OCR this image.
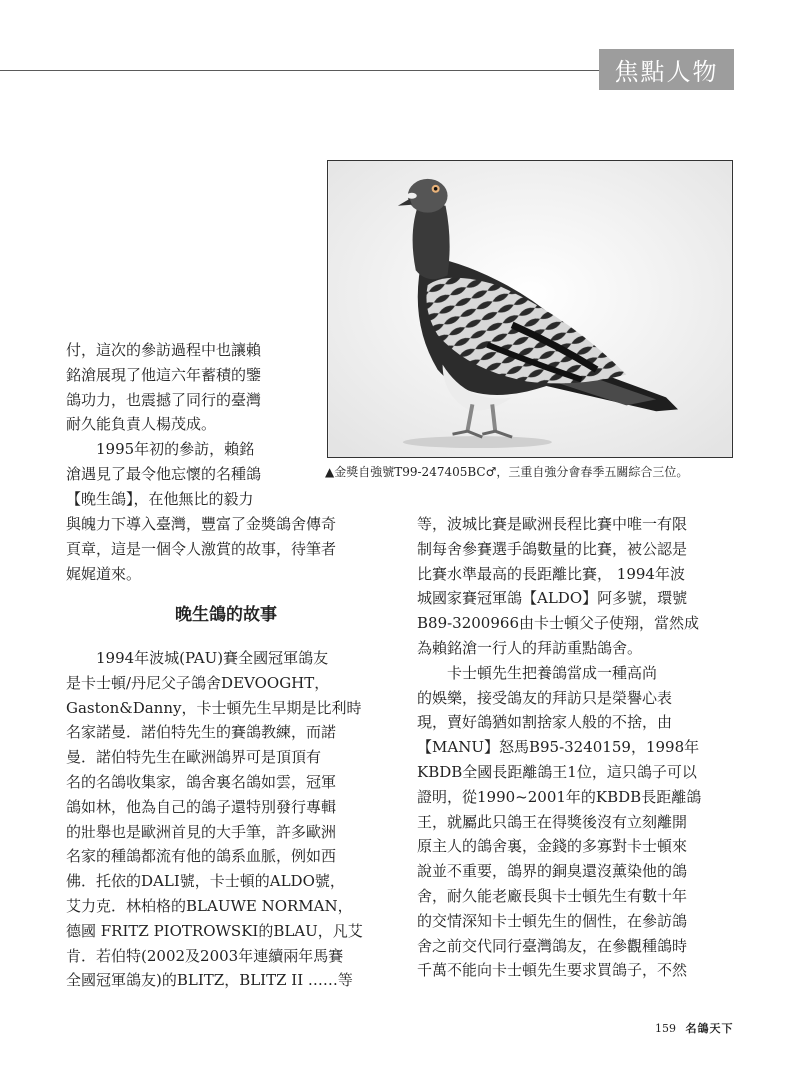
焦點人物
▲金獎自強號T99-247405BC♂，三重自強分會春季五關綜合三位。
付，這次的參訪過程中也讓賴
銘滄展現了他這六年蓄積的鑒
鴿功力，也震撼了同行的臺灣
耐久能負責人楊茂成。
　　1995年初的參訪，賴銘
滄遇見了最令他忘懷的名種鴿
【晚生鴿】，在他無比的毅力
與魄力下導入臺灣，豐富了金獎鴿舍傳奇
頁章，這是一個令人激賞的故事，待筆者
娓娓道來。
晚生鴿的故事
　　1994年波城(PAU)賽全國冠軍鴿友
是卡士頓/丹尼父子鴿舍DEVOOGHT，
Gaston&Danny，卡士頓先生早期是比利時
名家諾曼．諾伯特先生的賽鴿教練，而諾
曼．諾伯特先生在歐洲鴿界可是頂頂有
名的名鴿收集家，鴿舍裏名鴿如雲，冠軍
鴿如林，他為自己的鴿子還特別發行專輯
的壯舉也是歐洲首見的大手筆，許多歐洲
名家的種鴿都流有他的鴿系血脈，例如西
佛．托依的DALI號，卡士頓的ALDO號，
艾力克．林柏格的BLAUWE NORMAN，
德國 FRITZ PIOTROWSKI的BLAU，凡艾
肯．若伯特(2002及2003年連續兩年馬賽
全國冠軍鴿友)的BLITZ，BLITZ II ……等
等，波城比賽是歐洲長程比賽中唯一有限
制每舍參賽選手鴿數量的比賽，被公認是
比賽水準最高的長距離比賽， 1994年波
城國家賽冠軍鴿【ALDO】阿多號，環號
B89-3200966由卡士頓父子使翔，當然成
為賴銘滄一行人的拜訪重點鴿舍。
　　卡士頓先生把養鴿當成一種高尚
的娛樂，接受鴿友的拜訪只是榮譽心表
現，賣好鴿猶如割捨家人般的不捨，由
【MANU】怒馬B95-3240159，1998年
KBDB全國長距離鴿王1位，這只鴿子可以
證明，從1990~2001年的KBDB長距離鴿
王，就屬此只鴿王在得獎後沒有立刻離開
原主人的鴿舍裏，金錢的多寡對卡士頓來
說並不重要，鴿界的銅臭還沒薰染他的鴿
舍，耐久能老廠長與卡士頓先生有數十年
的交情深知卡士頓先生的個性，在參訪鴿
舍之前交代同行臺灣鴿友，在參觀種鴿時
千萬不能向卡士頓先生要求買鴿子，不然
159 名鴿天下
